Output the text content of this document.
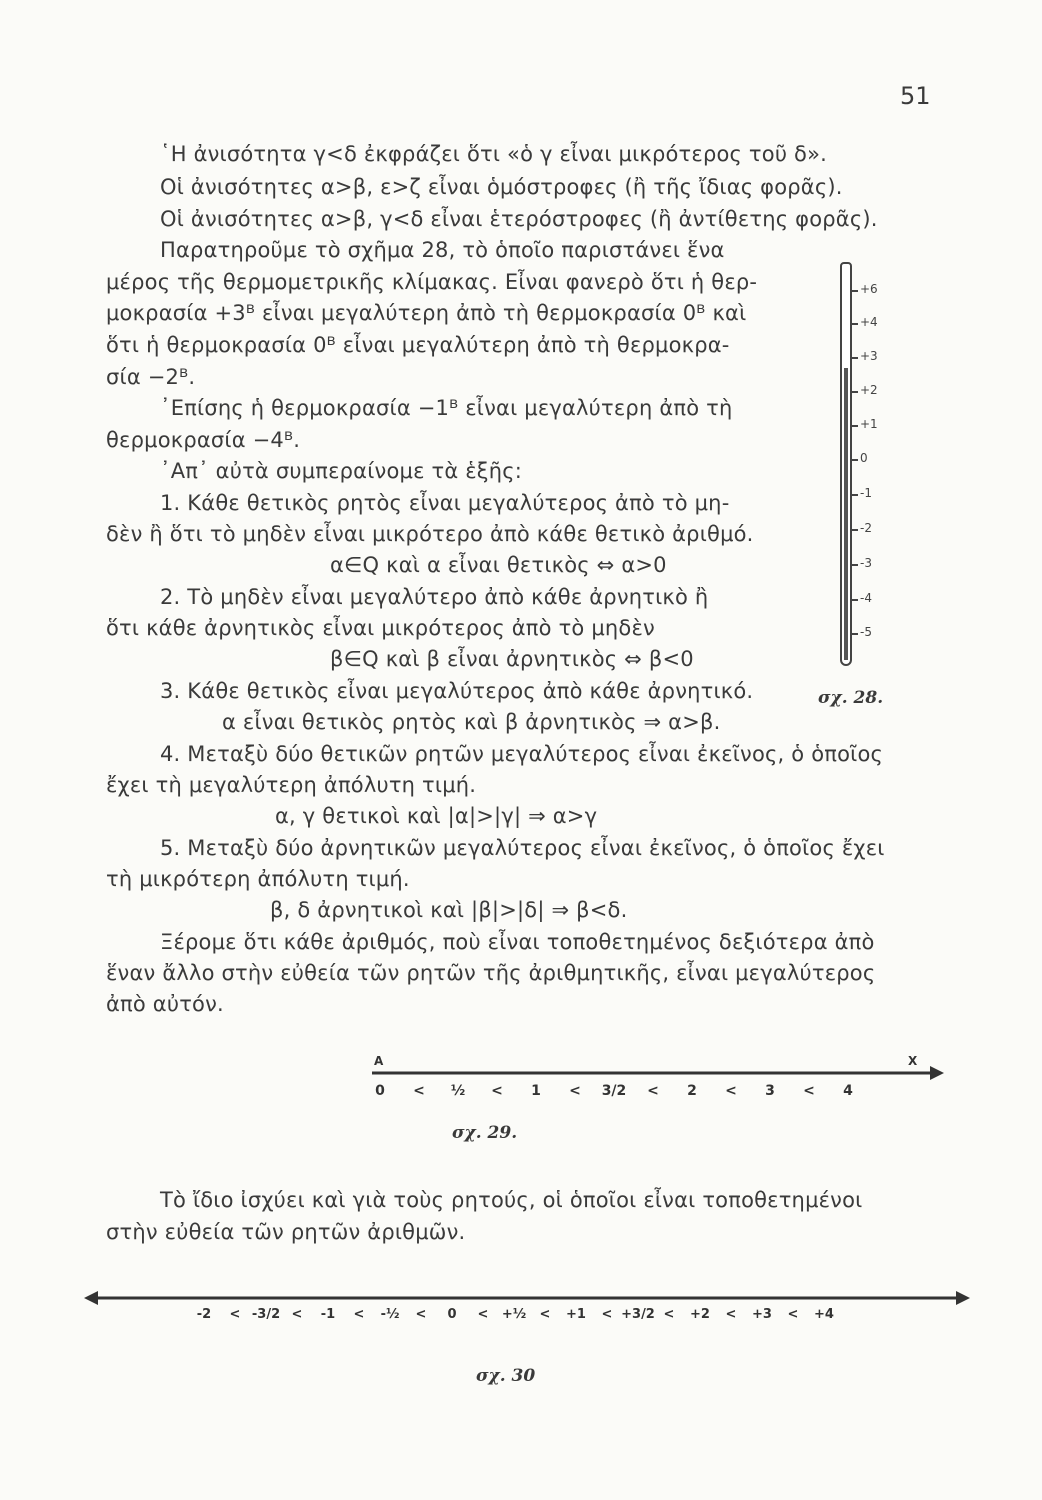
51
῾Η ἀνισότητα γ<δ ἐκφράζει ὅτι «ὁ γ εἶναι μικρότερος τοῦ δ».
Οἱ ἀνισότητες α>β, ε>ζ εἶναι ὁμόστροφες (ἢ τῆς ἴδιας φορᾶς).
Οἱ ἀνισότητες α>β, γ<δ εἶναι ἑτερόστροφες (ἢ ἀντίθετης φορᾶς).
Παρατηροῦμε τὸ σχῆμα 28, τὸ ὁποῖο παριστάνει ἕνα
μέρος τῆς θερμομετρικῆς κλίμακας. Εἶναι φανερὸ ὅτι ἡ θερ-
μοκρασία +3ᴮ εἶναι μεγαλύτερη ἀπὸ τὴ θερμοκρασία 0ᴮ καὶ
ὅτι ἡ θερμοκρασία 0ᴮ εἶναι μεγαλύτερη ἀπὸ τὴ θερμοκρα-
σία −2ᴮ.
᾿Επίσης ἡ θερμοκρασία −1ᴮ εἶναι μεγαλύτερη ἀπὸ τὴ
θερμοκρασία −4ᴮ.
᾿Απ᾿ αὐτὰ συμπεραίνομε τὰ ἑξῆς:
1. Κάθε θετικὸς ρητὸς εἶναι μεγαλύτερος ἀπὸ τὸ μη-
δὲν ἢ ὅτι τὸ μηδὲν εἶναι μικρότερο ἀπὸ κάθε θετικὸ ἀριθμό.
α∈Q καὶ α εἶναι θετικὸς ⇔ α>0
2. Τὸ μηδὲν εἶναι μεγαλύτερο ἀπὸ κάθε ἀρνητικὸ ἢ
ὅτι κάθε ἀρνητικὸς εἶναι μικρότερος ἀπὸ τὸ μηδὲν
β∈Q καὶ β εἶναι ἀρνητικὸς ⇔ β<0
3. Κάθε θετικὸς εἶναι μεγαλύτερος ἀπὸ κάθε ἀρνητικό.
α εἶναι θετικὸς ρητὸς καὶ β ἀρνητικὸς ⇒ α>β.
4. Μεταξὺ δύο θετικῶν ρητῶν μεγαλύτερος εἶναι ἐκεῖνος, ὁ ὁποῖος
ἔχει τὴ μεγαλύτερη ἀπόλυτη τιμή.
α, γ θετικοὶ καὶ |α|>|γ| ⇒ α>γ
5. Μεταξὺ δύο ἀρνητικῶν μεγαλύτερος εἶναι ἐκεῖνος, ὁ ὁποῖος ἔχει
τὴ μικρότερη ἀπόλυτη τιμή.
β, δ ἀρνητικοὶ καὶ |β|>|δ| ⇒ β<δ.
Ξέρομε ὅτι κάθε ἀριθμός, ποὺ εἶναι τοποθετημένος δεξιότερα ἀπὸ
ἕναν ἄλλο στὴν εὐθεία τῶν ρητῶν τῆς ἀριθμητικῆς, εἶναι μεγαλύτερος
ἀπὸ αὐτόν.
Τὸ ἴδιο ἰσχύει καὶ γιὰ τοὺς ρητούς, οἱ ὁποῖοι εἶναι τοποθετημένοι
στὴν εὐθεία τῶν ρητῶν ἀριθμῶν.
+6
+4
+3
+2
+1
0
-1
-2
-3
-4
-5
σχ. 28.
A	X
0 < ½ < 1 < 3/2 < 2 < 3 < 4
σχ. 29.
-2 < -3/2 < -1 < -½ < 0 < +½ < +1 < +3/2 < +2 < +3 < +4
σχ. 30
